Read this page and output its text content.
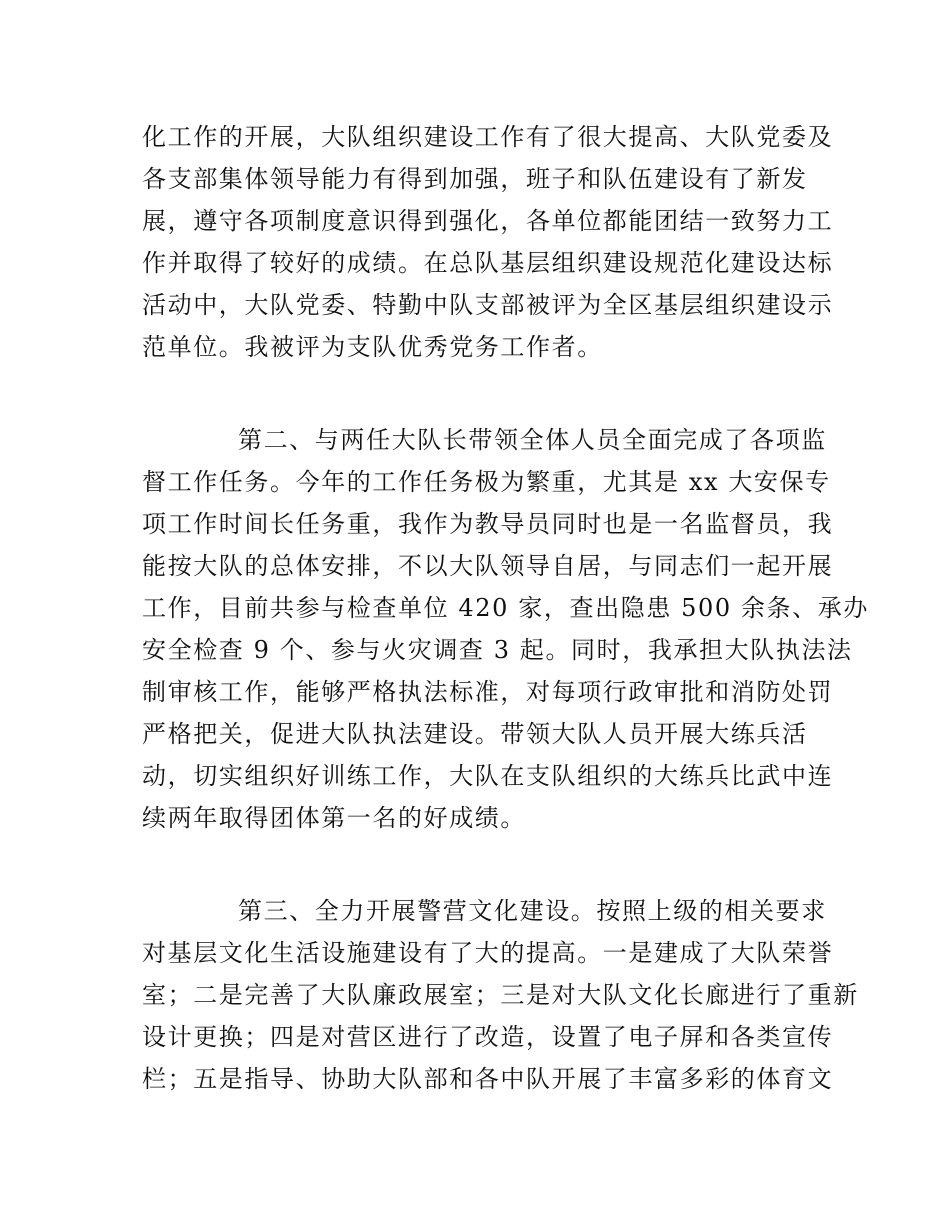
化工作的开展，大队组织建设工作有了很大提高、大队党委及
各支部集体领导能力有得到加强，班子和队伍建设有了新发
展，遵守各项制度意识得到强化，各单位都能团结一致努力工
作并取得了较好的成绩。在总队基层组织建设规范化建设达标
活动中，大队党委、特勤中队支部被评为全区基层组织建设示
范单位。我被评为支队优秀党务工作者。
第二、与两任大队长带领全体人员全面完成了各项监
督工作任务。今年的工作任务极为繁重，尤其是 xx 大安保专
项工作时间长任务重，我作为教导员同时也是一名监督员，我
能按大队的总体安排，不以大队领导自居，与同志们一起开展
工作，目前共参与检查单位 420 家，查出隐患 500 余条、承办
安全检查 9 个、参与火灾调查 3 起。同时，我承担大队执法法
制审核工作，能够严格执法标准，对每项行政审批和消防处罚
严格把关，促进大队执法建设。带领大队人员开展大练兵活
动，切实组织好训练工作，大队在支队组织的大练兵比武中连
续两年取得团体第一名的好成绩。
第三、全力开展警营文化建设。按照上级的相关要求
对基层文化生活设施建设有了大的提高。一是建成了大队荣誉
室；二是完善了大队廉政展室；三是对大队文化长廊进行了重新
设计更换；四是对营区进行了改造，设置了电子屏和各类宣传
栏；五是指导、协助大队部和各中队开展了丰富多彩的体育文
